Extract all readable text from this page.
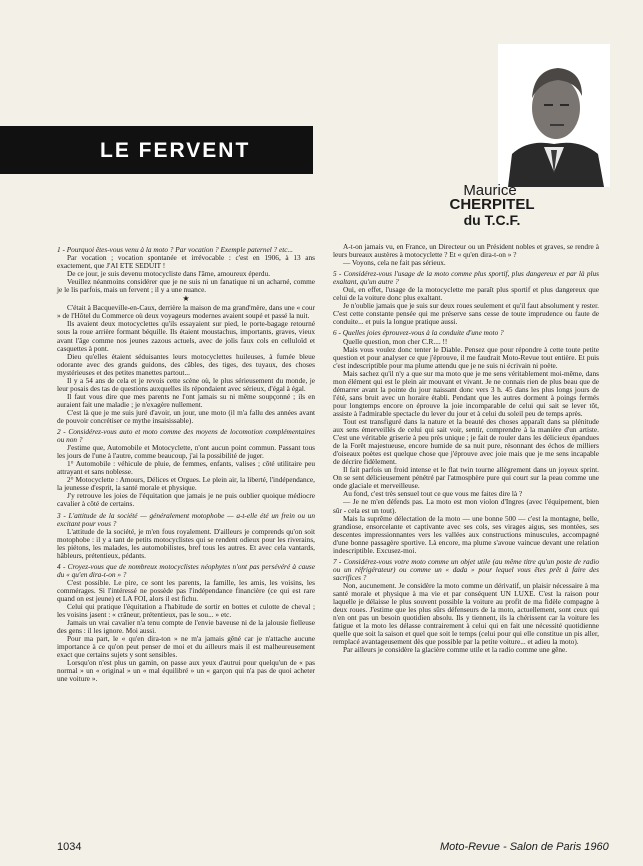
LE FERVENT
Maurice
CHERPITEL
du T.C.F.

1 - Pourquoi êtes-vous venu à la moto ? Par vocation ? Exemple paternel ? etc...

Par vocation ; vocation spontanée et irrévocable : c'est en 1906, à 13 ans exactement, que J'AI ETE SEDUIT !

De ce jour, je suis devenu motocycliste dans l'âme, amoureux éperdu.

Veuillez néanmoins considérer que je ne suis ni un fanatique ni un acharné, comme je le lis parfois, mais un fervent ; il y a une nuance.

★

C'était à Bacqueville-en-Caux, derrière la maison de ma grand'mère, dans une « cour » de l'Hôtel du Commerce où deux voyageurs modernes avaient soupé et passé la nuit.

Ils avaient deux motocyclettes qu'ils essayaient sur pied, le porte-bagage retourné sous la roue arrière formant béquille. Ils étaient moustachus, importants, graves, vieux avant l'âge comme nos jeunes zazous actuels, avec de jolis faux cols en celluloïd et casquettes à pont.

Dieu qu'elles étaient séduisantes leurs motocyclettes huileuses, à fumée bleue odorante avec des grands guidons, des câbles, des tiges, des tuyaux, des choses mystérieuses et des petites manettes partout...

Il y a 54 ans de cela et je revois cette scène où, le plus sérieusement du monde, je leur posais des tas de questions auxquelles ils répondaient avec sérieux, d'égal à égal.

Il faut vous dire que mes parents ne l'ont jamais su ni même soupçonné ; ils en auraient fait une maladie ; je n'exagère nullement.

C'est là que je me suis juré d'avoir, un jour, une moto (il m'a fallu des années avant de pouvoir concrétiser ce mythe insaisissable).

2 - Considérez-vous auto et moto comme des moyens de locomotion complémentaires ou non ?

J'estime que, Automobile et Motocyclette, n'ont aucun point commun. Passant tous les jours de l'une à l'autre, comme beaucoup, j'ai la possibilité de juger.

1° Automobile : véhicule de pluie, de femmes, enfants, valises ; côté utilitaire peu attrayant et sans noblesse.

2° Motocyclette : Amours, Délices et Orgues. Le plein air, la liberté, l'indépendance, la jeunesse d'esprit, la santé morale et physique.

J'y retrouve les joies de l'équitation que jamais je ne puis oublier quoique médiocre cavalier à côté de certains.

3 - L'attitude de la société — généralement motophobe — a-t-elle été un frein ou un excitant pour vous ?

L'attitude de la société, je m'en fous royalement. D'ailleurs je comprends qu'on soit motophobe : il y a tant de petits motocyclistes qui se rendent odieux pour les riverains, les piétons, les malades, les automobilistes, bref tous les autres. Et avec cela vantards, hâbleurs, prétentieux, pédants.

4 - Croyez-vous que de nombreux motocyclistes néophytes n'ont pas persévéré à cause du « qu'en dira-t-on » ?

C'est possible. Le pire, ce sont les parents, la famille, les amis, les voisins, les commérages. Si l'intéressé ne possède pas l'indépendance financière (ce qui est rare quand on est jeune) et LA FOI, alors il est fichu.

Celui qui pratique l'équitation a l'habitude de sortir en bottes et culotte de cheval ; les voisins jasent : « crâneur, prétentieux, pas le sou... » etc.

Jamais un vrai cavalier n'a tenu compte de l'envie baveuse ni de la jalousie fielleuse des gens : il les ignore. Moi aussi.

Pour ma part, le « qu'en dira-ton » ne m'a jamais gêné car je n'attache aucune importance à ce qu'on peut penser de moi et du ailleurs mais il est malheureusement exact que certains sujets y sont sensibles.

Lorsqu'on n'est plus un gamin, on passe aux yeux d'autrui pour quelqu'un de « pas normal » un « original » un « mal équilibré » un « garçon qui n'a pas de quoi acheter une voiture ».

A-t-on jamais vu, en France, un Directeur ou un Président nobles et graves, se rendre à leurs bureaux austères à motocyclette ? Et « qu'en dira-t-on » ?

— Voyons, cela ne fait pas sérieux.

5 - Considérez-vous l'usage de la moto comme plus sportif, plus dangereux et par là plus exaltant, qu'un autre ?

Oui, en effet, l'usage de la motocyclette me paraît plus sportif et plus dangereux que celui de la voiture donc plus exaltant.

Je n'oublie jamais que je suis sur deux roues seulement et qu'il faut absolument y rester. C'est cette constante pensée qui me préserve sans cesse de toute imprudence ou faute de conduite... et puis la longue pratique aussi.

6 - Quelles joies éprouvez-vous à la conduite d'une moto ?

Quelle question, mon cher C.R.... !!

Mais vous voulez donc tenter le Diable. Pensez que pour répondre à cette toute petite question et pour analyser ce que j'éprouve, il me faudrait Moto-Revue tout entière. Et puis c'est indescriptible pour ma plume attendu que je ne suis ni écrivain ni poète.

Mais sachez qu'il n'y a que sur ma moto que je me sens véritablement moi-même, dans mon élément qui est le plein air mouvant et vivant. Je ne connais rien de plus beau que de démarrer avant la pointe du jour naissant donc vers 3 h. 45 dans les plus longs jours de l'été, sans bruit avec un horaire établi. Pendant que les autres dorment à poings fermés pour longtemps encore on éprouve la joie incomparable de celui qui sait se lever tôt, assiste à l'admirable spectacle du lever du jour et à celui du soleil peu de temps après.

Tout est transfiguré dans la nature et la beauté des choses apparaît dans sa plénitude aux sens émerveillés de celui qui sait voir, sentir, comprendre à la manière d'un artiste. C'est une véritable griserie à peu près unique ; je fait de rouler dans les délicieux épandues de la Forêt majestueuse, encore humide de sa nuit pure, résonnant des échos de milliers d'oiseaux poètes est quelque chose que j'éprouve avec joie mais que je me sens incapable de décrire fidèlement.

Il fait parfois un froid intense et le flat twin tourne allègrement dans un joyeux sprint. On se sent délicieusement pénétré par l'atmosphère pure qui court sur la peau comme une onde glaciale et merveilleuse.

Au fond, c'est très sensuel tout ce que vous me faites dire là ?

— Je ne m'en défends pas. La moto est mon violon d'Ingres (avec l'équipement, bien sûr - cela est un tout).

Mais la suprême délectation de la moto — une bonne 500 — c'est la montagne, belle, grandiose, ensorcelante et captivante avec ses cols, ses virages aigus, ses montées, ses descentes impressionnantes vers les vallées aux constructions minuscules, accompagné d'une bonne passagère sportive. Là encore, ma plume s'avoue vaincue devant une relation indescriptible. Excusez-moi.

7 - Considérez-vous votre moto comme un objet utile (au même titre qu'un poste de radio ou un réfrigérateur) ou comme un « dada » pour lequel vous êtes prêt à faire des sacrifices ?

Non, aucunement. Je considère la moto comme un dérivatif, un plaisir nécessaire à ma santé morale et physique à ma vie et par conséquent UN LUXE. C'est la raison pour laquelle je délaisse le plus souvent possible la voiture au profit de ma fidèle compagne à deux roues. J'estime que les plus sûrs défenseurs de la moto, actuellement, sont ceux qui n'en ont pas un besoin quotidien absolu. Ils y tiennent, ils la chérissent car la voiture les fatigue et la moto les délasse contrairement à celui qui en fait une nécessité quotidienne quelle que soit la saison et quel que soit le temps (celui pour qui elle constitue un pis aller, remplacé avantageusement dès que possible par la petite voiture... et adieu la moto).

Par ailleurs je considère la glacière comme utile et la radio comme une gêne.

1034	Moto-Revue - Salon de Paris 1960
